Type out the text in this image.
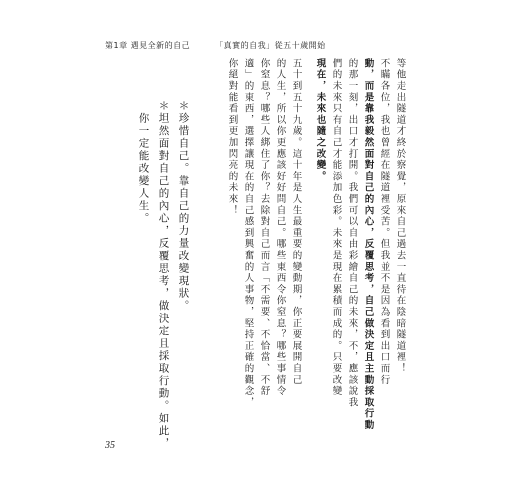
第1章 遇見全新的自己	「真實的自我」從五十歲開始
等他走出隧道才終於察覺，原來自己過去一直待在陰暗隧道裡！
不瞞各位，我也曾經在隧道裡受苦。但我並不是因為看到出口而行
動，而是靠我毅然面對自己的內心，反覆思考，自己做決定且主動採取行動
的那一刻，出口才打開。我們可以自由彩繪自己的未來，不，應該說我
們的未來只有自己才能添加色彩。未來是現在累積而成的。只要改變
現在，未來也隨之改變。
五十到五十九歲。這十年是人生最重要的變動期，你正要展開自己
的人生，所以你更應該好好問自己。哪些東西令你窒息？哪些事情令
你窒息？哪些人綁住了你？去除對自己而言「不需要、不恰當、不舒
適」的東西，選擇讓現在的自己感到興奮的人事物，堅持正確的觀念，
你絕對能看到更加閃亮的未來！
＊珍惜自己。靠自己的力量改變現狀。
＊坦然面對自己的內心，反覆思考，做決定且採取行動。如此，
　你一定能改變人生。
35
